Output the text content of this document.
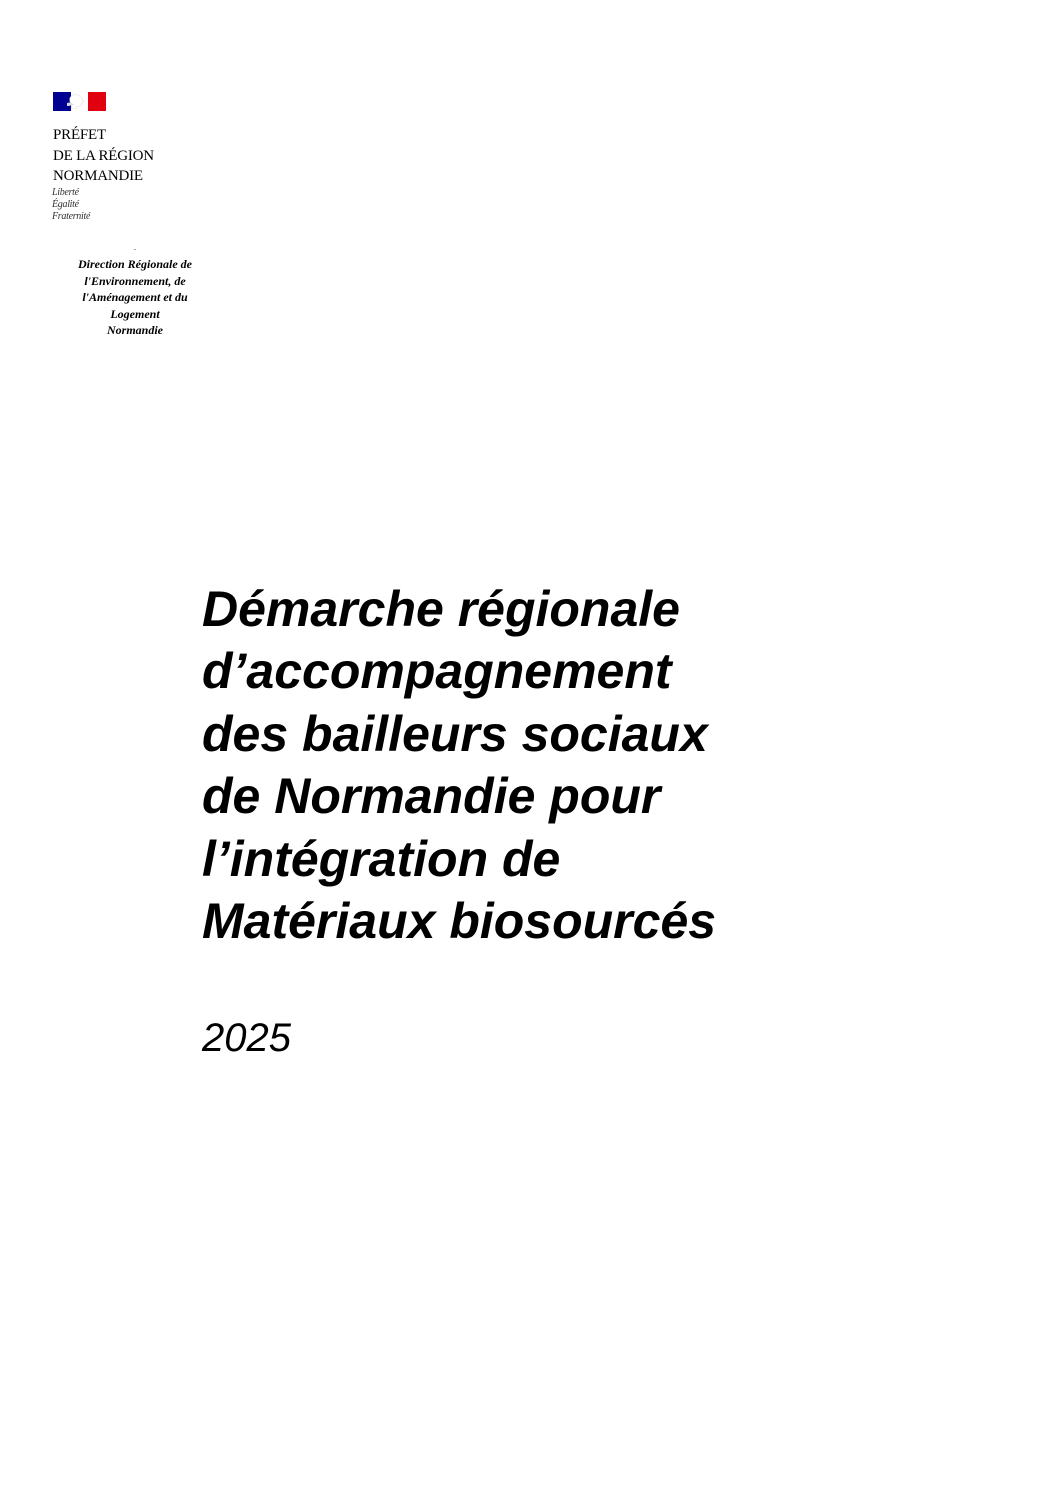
PRÉFET
DE LA RÉGION
NORMANDIE
Liberté
Égalité
Fraternité
.
Direction Régionale de
l'Environnement, de
l'Aménagement et du
Logement
Normandie
Démarche régionale
d’accompagnement
des bailleurs sociaux
de Normandie pour
l’intégration de
Matériaux biosourcés
2025
